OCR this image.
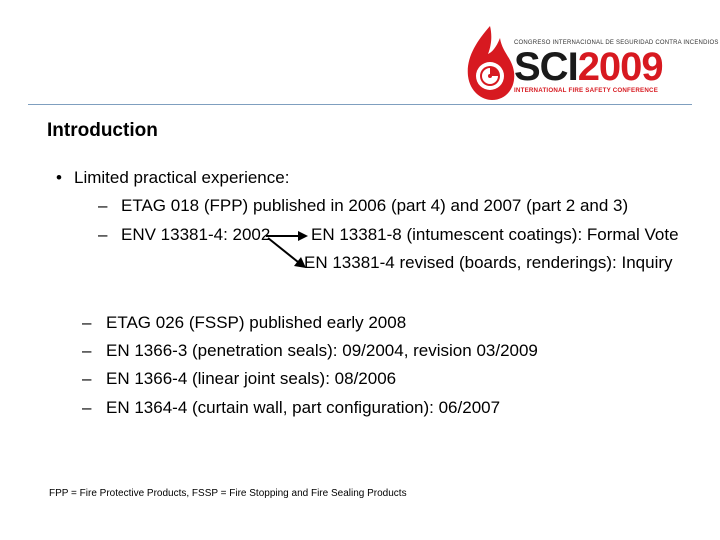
CONGRESO INTERNACIONAL DE SEGURIDAD CONTRA INCENDIOS
SCI2009
INTERNATIONAL FIRE SAFETY CONFERENCE
Introduction
• Limited practical experience:
– ETAG 018 (FPP) published in 2006 (part 4) and 2007 (part 2 and 3)
– ENV 13381-4: 2002 EN 13381-8 (intumescent coatings): Formal Vote
EN 13381-4 revised (boards, renderings): Inquiry
– ETAG 026 (FSSP) published early 2008
– EN 1366-3 (penetration seals): 09/2004, revision 03/2009
– EN 1366-4 (linear joint seals): 08/2006
– EN 1364-4 (curtain wall, part configuration): 06/2007
FPP = Fire Protective Products, FSSP = Fire Stopping and Fire Sealing Products
